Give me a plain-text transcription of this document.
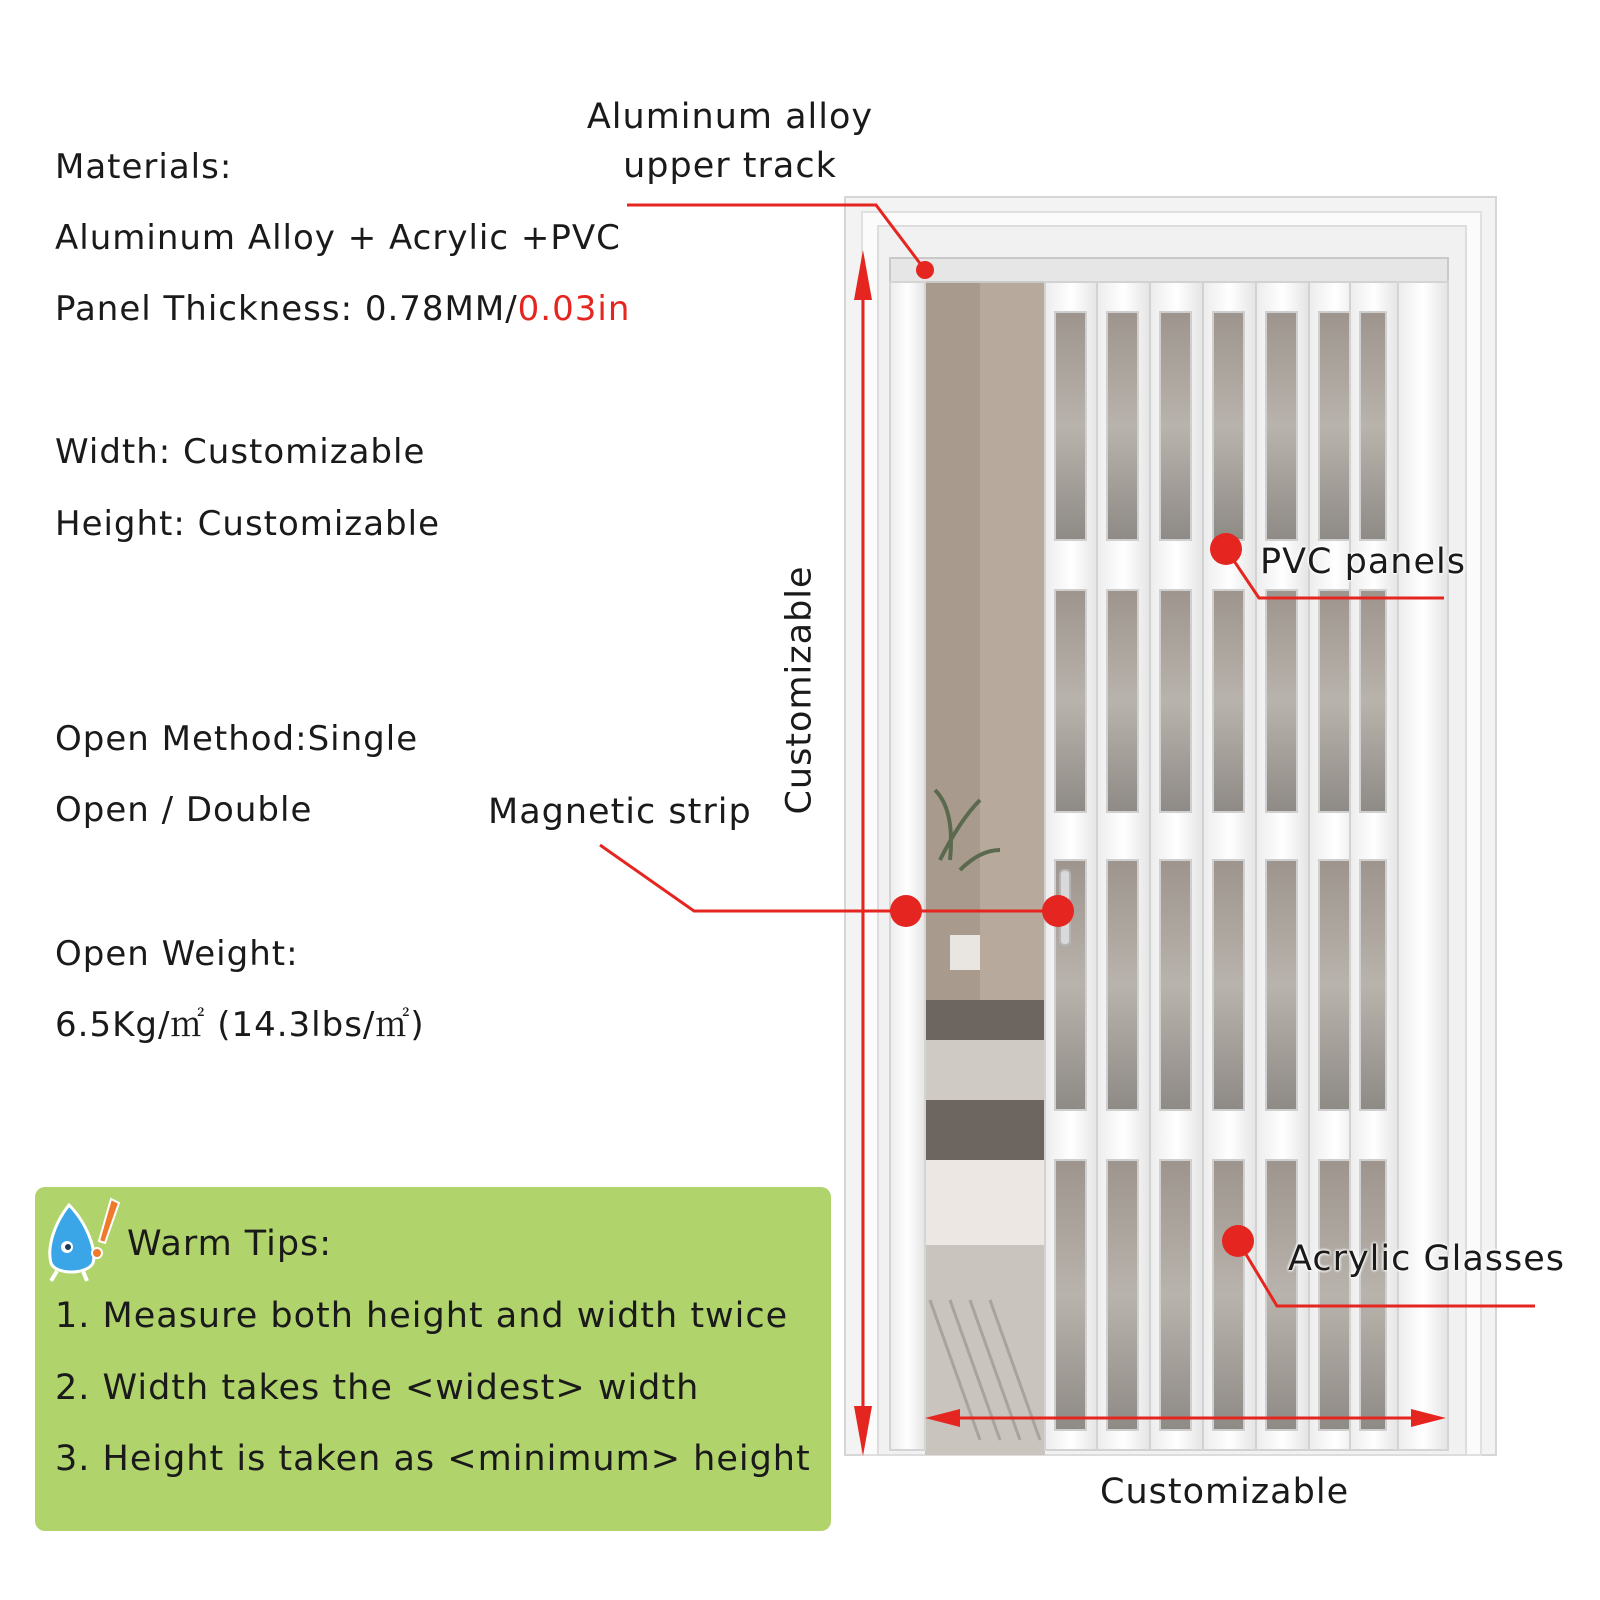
Materials:
Aluminum Alloy + Acrylic +PVC
Panel Thickness: 0.78MM/0.03in
Width: Customizable
Height: Customizable
Open Method:Single
Open / Double
Open Weight:
6.5Kg/㎡ (14.3lbs/㎡)
Aluminum alloy
upper track
PVC panels
Magnetic strip
Acrylic Glasses
Customizable
Customizable
Warm Tips:
1. Measure both height and width twice
2. Width takes the <widest> width
3. Height is taken as <minimum> height
